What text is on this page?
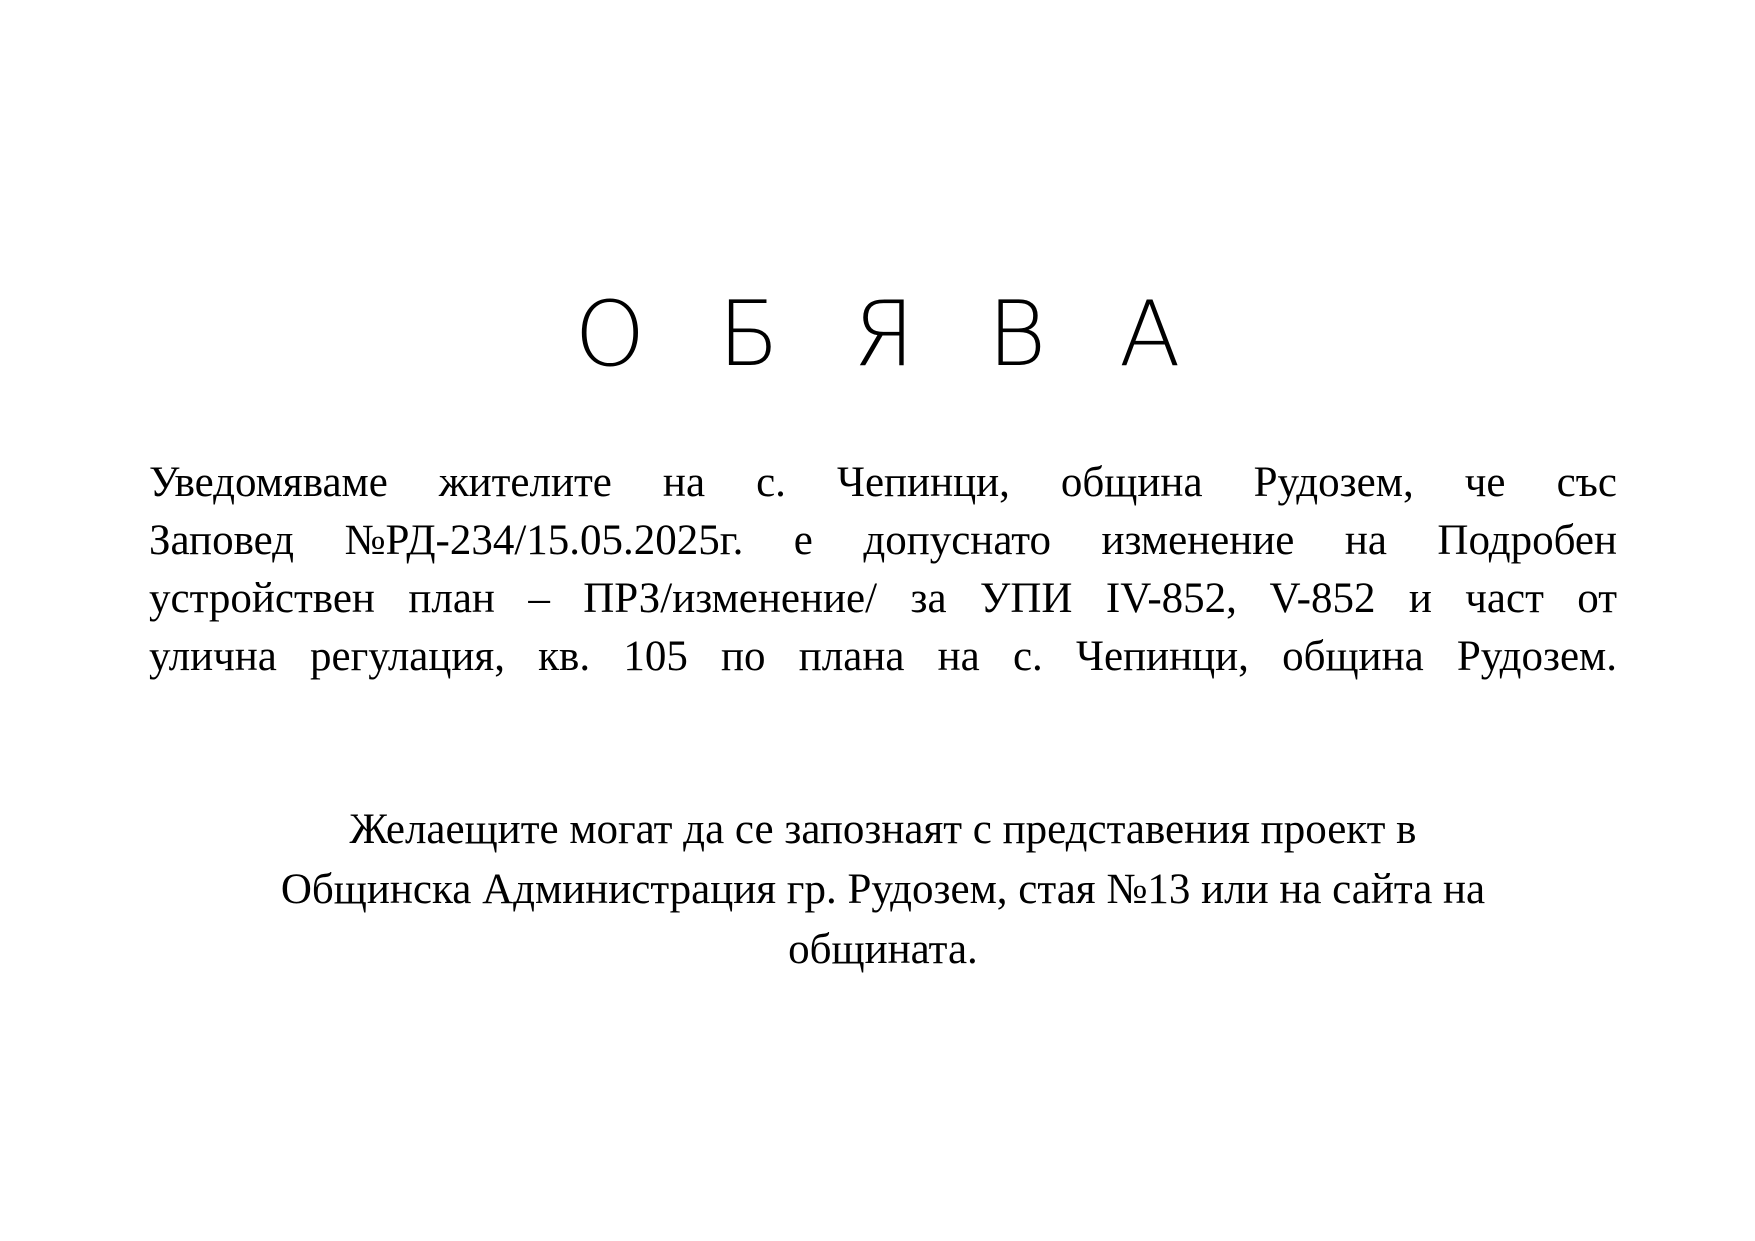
О Б Я В А
Уведомяваме жителите на с. Чепинци, община Рудозем, че със
Заповед №РД-234/15.05.2025г. е допуснато изменение на Подробен
устройствен план – ПРЗ/изменение/ за УПИ IV-852, V-852 и част от
улична регулация, кв. 105 по плана на с. Чепинци, община Рудозем.
Желаещите могат да се запознаят с представения проект в
Общинска Администрация гр. Рудозем, стая №13 или на сайта на
общината.
